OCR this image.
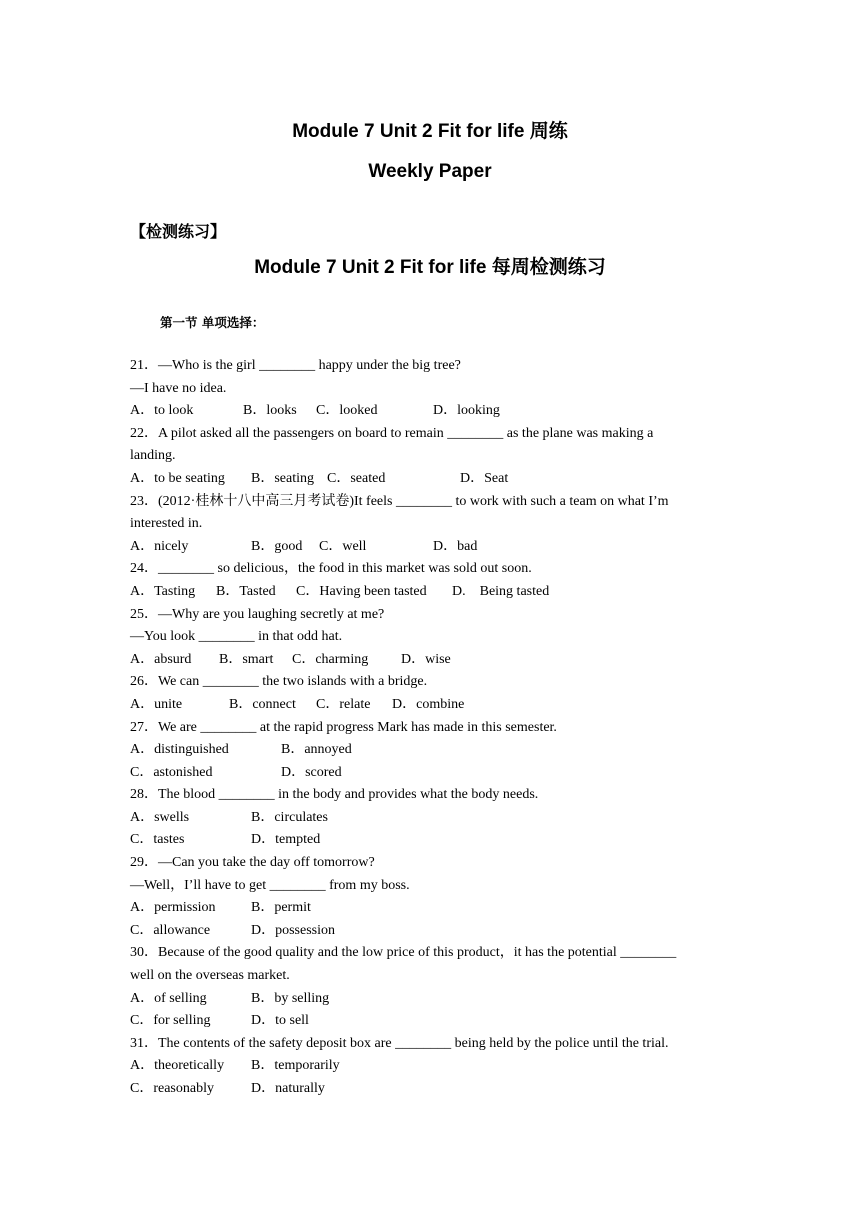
Module 7 Unit 2 Fit for life 周练
Weekly Paper
【检测练习】
Module 7 Unit 2 Fit for life 每周检测练习
第一节 单项选择：
21．—Who is the girl ________ happy under the big tree?
—I have no idea.
A．to look	B．looks C．looked	D．looking
22．A pilot asked all the passengers on board to remain ________ as the plane was making a
landing.
A．to be seating B．seating C．seated	D．Seat
23．(2012·桂林十八中高三月考试卷)It feels ________ to work with such a team on what I’m
interested in.
A．nicely	B．good C．well	D．bad
24．________ so delicious，the food in this market was sold out soon.
A．Tasting B．Tasted C．Having been tasted D.　Being tasted
25．—Why are you laughing secretly at me?
—You look ________ in that odd hat.
A．absurd B．smart C．charming D．wise
26．We can ________ the two islands with a bridge.
A．unite	B．connect C．relate D．combine
27．We are ________ at the rapid progress Mark has made in this semester.
A．distinguished	B．annoyed
C．astonished	D．scored
28．The blood ________ in the body and provides what the body needs.
A．swells	B．circulates
C．tastes	D．tempted
29．—Can you take the day off tomorrow?
—Well，I’ll have to get ________ from my boss.
A．permission	B．permit
C．allowance	D．possession
30．Because of the good quality and the low price of this product，it has the potential ________
well on the overseas market.
A．of selling	B．by selling
C．for selling	D．to sell
31．The contents of the safety deposit box are ________ being held by the police until the trial.
A．theoretically B．temporarily
C．reasonably	D．naturally
